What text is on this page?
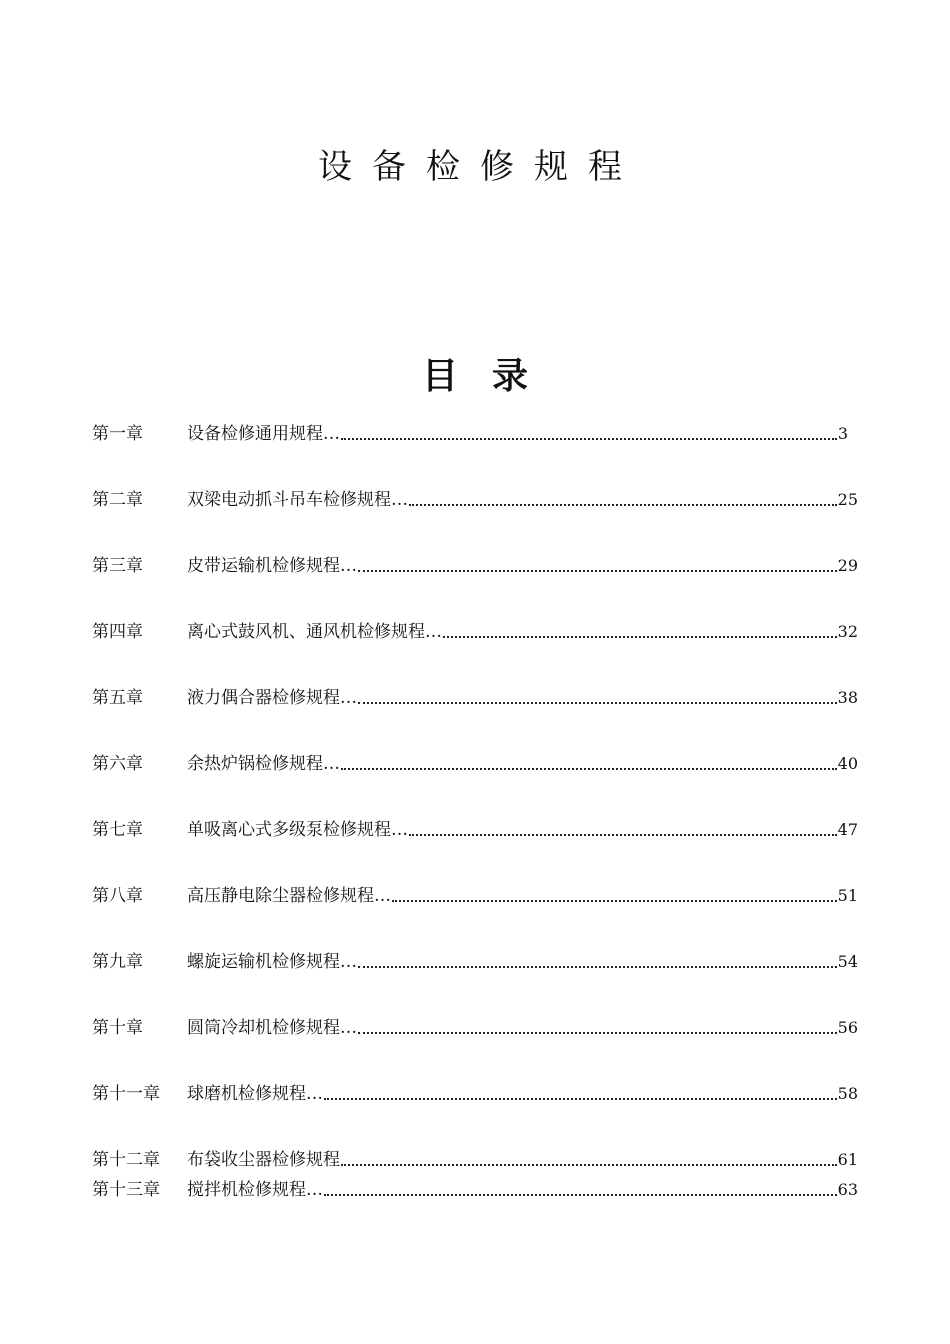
设备检修规程
目录
第一章	设备检修通用规程…	3
第二章	双梁电动抓斗吊车检修规程…	25
第三章	皮带运输机检修规程…	29
第四章	离心式鼓风机、通风机检修规程…	32
第五章	液力偶合器检修规程…	38
第六章	余热炉锅检修规程…	40
第七章	单吸离心式多级泵检修规程…	47
第八章	高压静电除尘器检修规程…	51
第九章	螺旋运输机检修规程…	54
第十章	圆筒冷却机检修规程…	56
第十一章	球磨机检修规程…	58
第十二章	布袋收尘器检修规程	61
第十三章	搅拌机检修规程…	63
